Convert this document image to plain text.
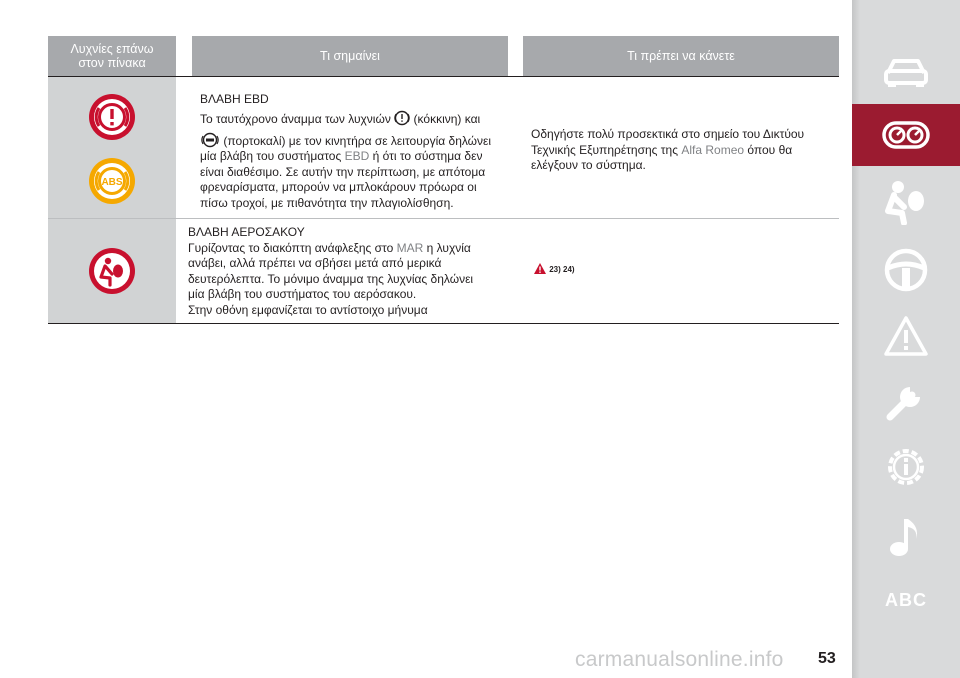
Λυχνίες επάνω στον πίνακα	Τι σημαίνει	Τι πρέπει να κάνετε
ABS
ΒΛΑΒΗ EBD
Το ταυτόχρονο άναμμα των λυχνιών (κόκκινη) και
(πορτοκαλί) με τον κινητήρα σε λειτουργία δηλώνει
μία βλάβη του συστήματος EBD ή ότι το σύστημα δεν
είναι διαθέσιμο. Σε αυτήν την περίπτωση, με απότομα
φρεναρίσματα, μπορούν να μπλοκάρουν πρόωρα οι
πίσω τροχοί, με πιθανότητα την πλαγιολίσθηση.
Οδηγήστε πολύ προσεκτικά στο σημείο του Δικτύου
Τεχνικής Εξυπηρέτησης της Alfa Romeo όπου θα
ελέγξουν το σύστημα.
ΒΛΑΒΗ ΑΕΡΟΣΑΚΟΥ
Γυρίζοντας το διακόπτη ανάφλεξης στο MAR η λυχνία
ανάβει, αλλά πρέπει να σβήσει μετά από μερικά
δευτερόλεπτα. Το μόνιμο άναμμα της λυχνίας δηλώνει
μία βλάβη του συστήματος του αερόσακου.
Στην οθόνη εμφανίζεται το αντίστοιχο μήνυμα
23) 24)
ABC
carmanualsonline.info 53
